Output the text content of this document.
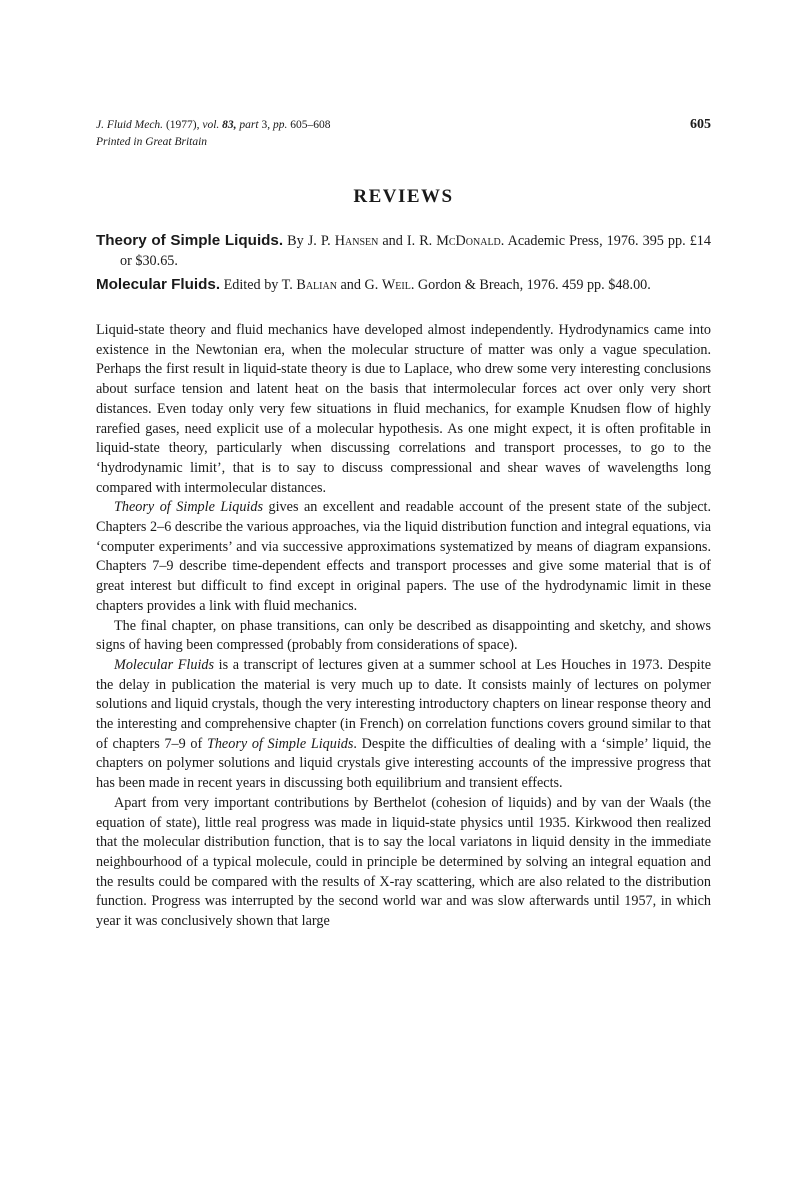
J. Fluid Mech. (1977), vol. 83, part 3, pp. 605–608	605
Printed in Great Britain
REVIEWS
Theory of Simple Liquids. By J. P. Hansen and I. R. McDonald. Academic Press, 1976. 395 pp. £14 or $30.65.
Molecular Fluids. Edited by T. Balian and G. Weil. Gordon & Breach, 1976. 459 pp. $48.00.

Liquid-state theory and fluid mechanics have developed almost independently. Hydrodynamics came into existence in the Newtonian era, when the molecular structure of matter was only a vague speculation. Perhaps the first result in liquid-state theory is due to Laplace, who drew some very interesting conclusions about surface tension and latent heat on the basis that intermolecular forces act over only very short distances. Even today only very few situations in fluid mechanics, for example Knudsen flow of highly rarefied gases, need explicit use of a molecular hypothesis. As one might expect, it is often profitable in liquid-state theory, particularly when discussing correlations and transport processes, to go to the ‘hydrodynamic limit’, that is to say to discuss compressional and shear waves of wavelengths long compared with intermolecular distances.

Theory of Simple Liquids gives an excellent and readable account of the present state of the subject. Chapters 2–6 describe the various approaches, via the liquid distribution function and integral equations, via ‘computer experiments’ and via successive approximations systematized by means of diagram expansions. Chapters 7–9 describe time-dependent effects and transport processes and give some material that is of great interest but difficult to find except in original papers. The use of the hydrodynamic limit in these chapters provides a link with fluid mechanics.

The final chapter, on phase transitions, can only be described as disappointing and sketchy, and shows signs of having been compressed (probably from considerations of space).

Molecular Fluids is a transcript of lectures given at a summer school at Les Houches in 1973. Despite the delay in publication the material is very much up to date. It consists mainly of lectures on polymer solutions and liquid crystals, though the very interesting introductory chapters on linear response theory and the interesting and comprehensive chapter (in French) on correlation functions covers ground similar to that of chapters 7–9 of Theory of Simple Liquids. Despite the difficulties of dealing with a ‘simple’ liquid, the chapters on polymer solutions and liquid crystals give interesting accounts of the impressive progress that has been made in recent years in discussing both equilibrium and transient effects.

Apart from very important contributions by Berthelot (cohesion of liquids) and by van der Waals (the equation of state), little real progress was made in liquid-state physics until 1935. Kirkwood then realized that the molecular distribution function, that is to say the local variatons in liquid density in the immediate neighbourhood of a typical molecule, could in principle be determined by solving an integral equation and the results could be compared with the results of X-ray scattering, which are also related to the distribution function. Progress was interrupted by the second world war and was slow afterwards until 1957, in which year it was conclusively shown that large
